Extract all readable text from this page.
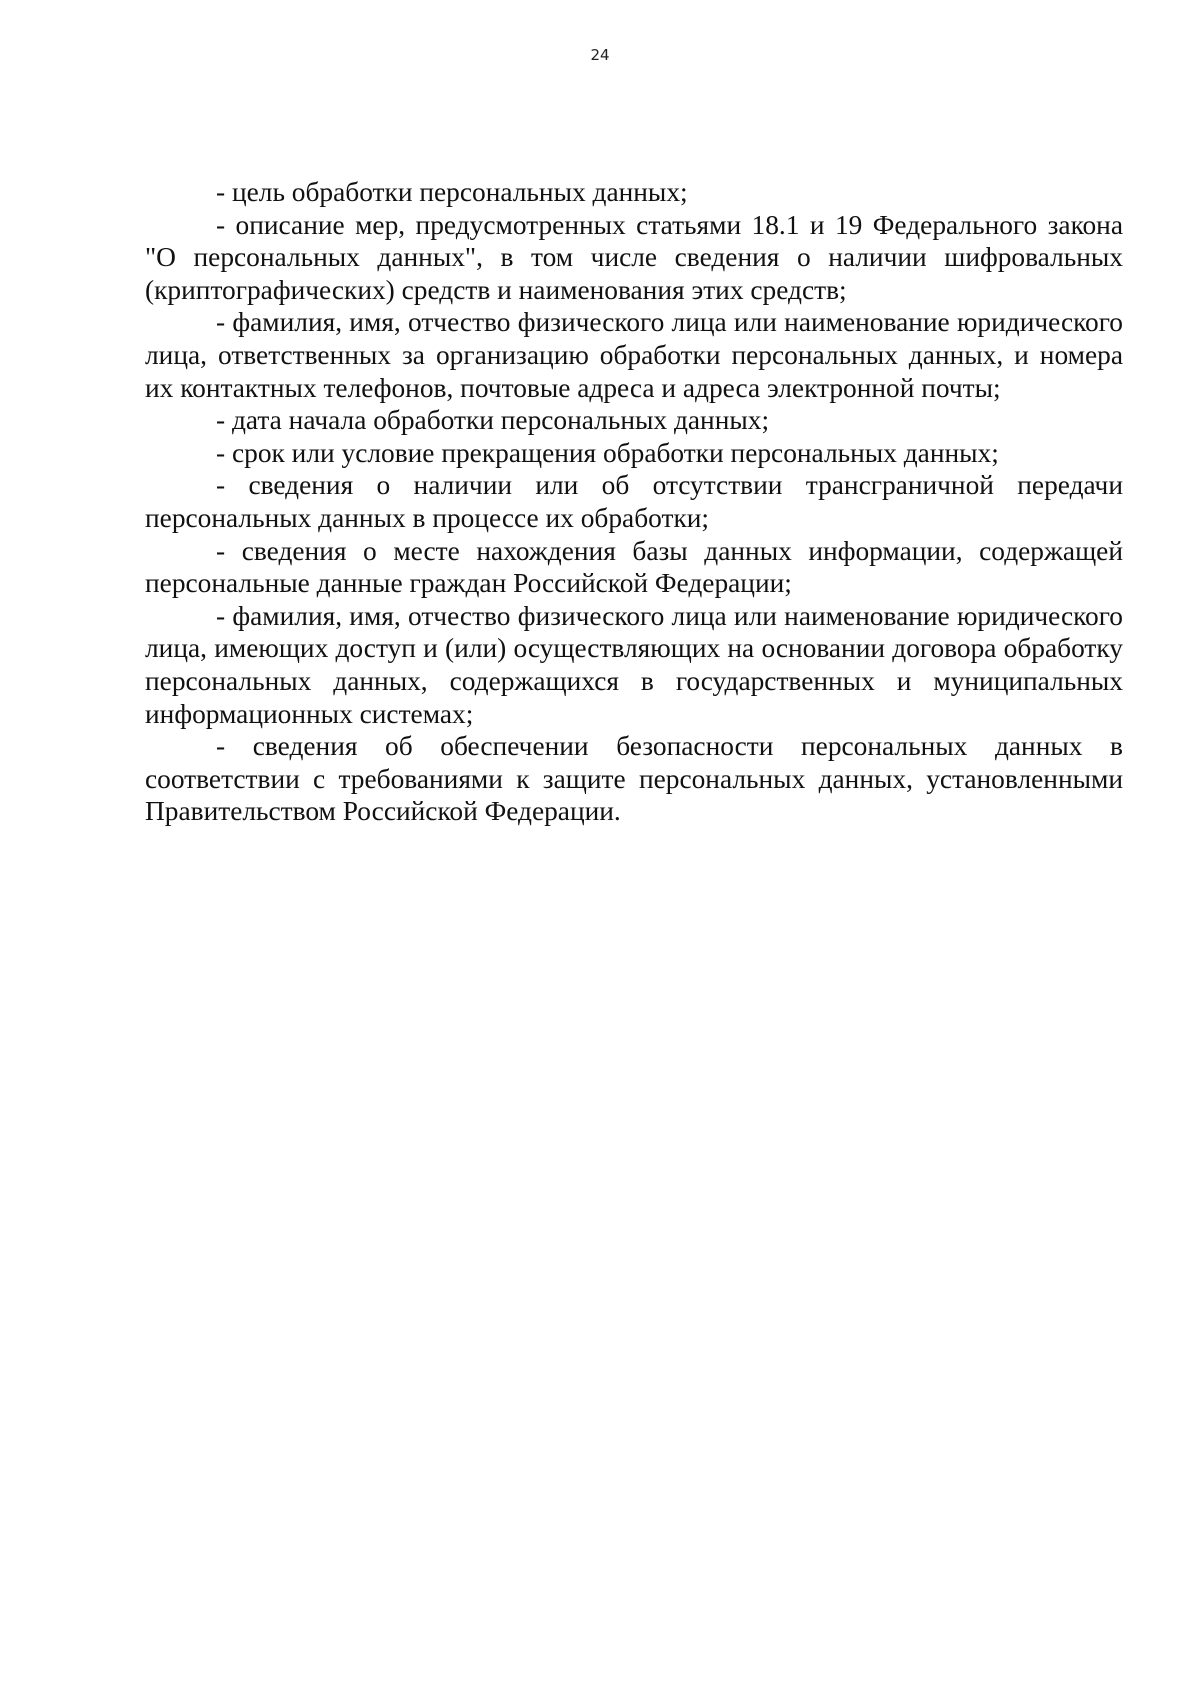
24

- цель обработки персональных данных;

- описание мер, предусмотренных статьями 18.1 и 19 Федерального закона "О персональных данных", в том числе сведения о наличии шифровальных (криптографических) средств и наименования этих средств;

- фамилия, имя, отчество физического лица или наименование юридического лица, ответственных за организацию обработки персональных данных, и номера их контактных телефонов, почтовые адреса и адреса электронной почты;

- дата начала обработки персональных данных;

- срок или условие прекращения обработки персональных данных;

- сведения о наличии или об отсутствии трансграничной передачи персональных данных в процессе их обработки;

- сведения о месте нахождения базы данных информации, содержащей персональные данные граждан Российской Федерации;

- фамилия, имя, отчество физического лица или наименование юридического лица, имеющих доступ и (или) осуществляющих на основании договора обработку персональных данных, содержащихся в государственных и муниципальных информационных системах;

- сведения об обеспечении безопасности персональных данных в соответствии с требованиями к защите персональных данных, установленными Правительством Российской Федерации.
